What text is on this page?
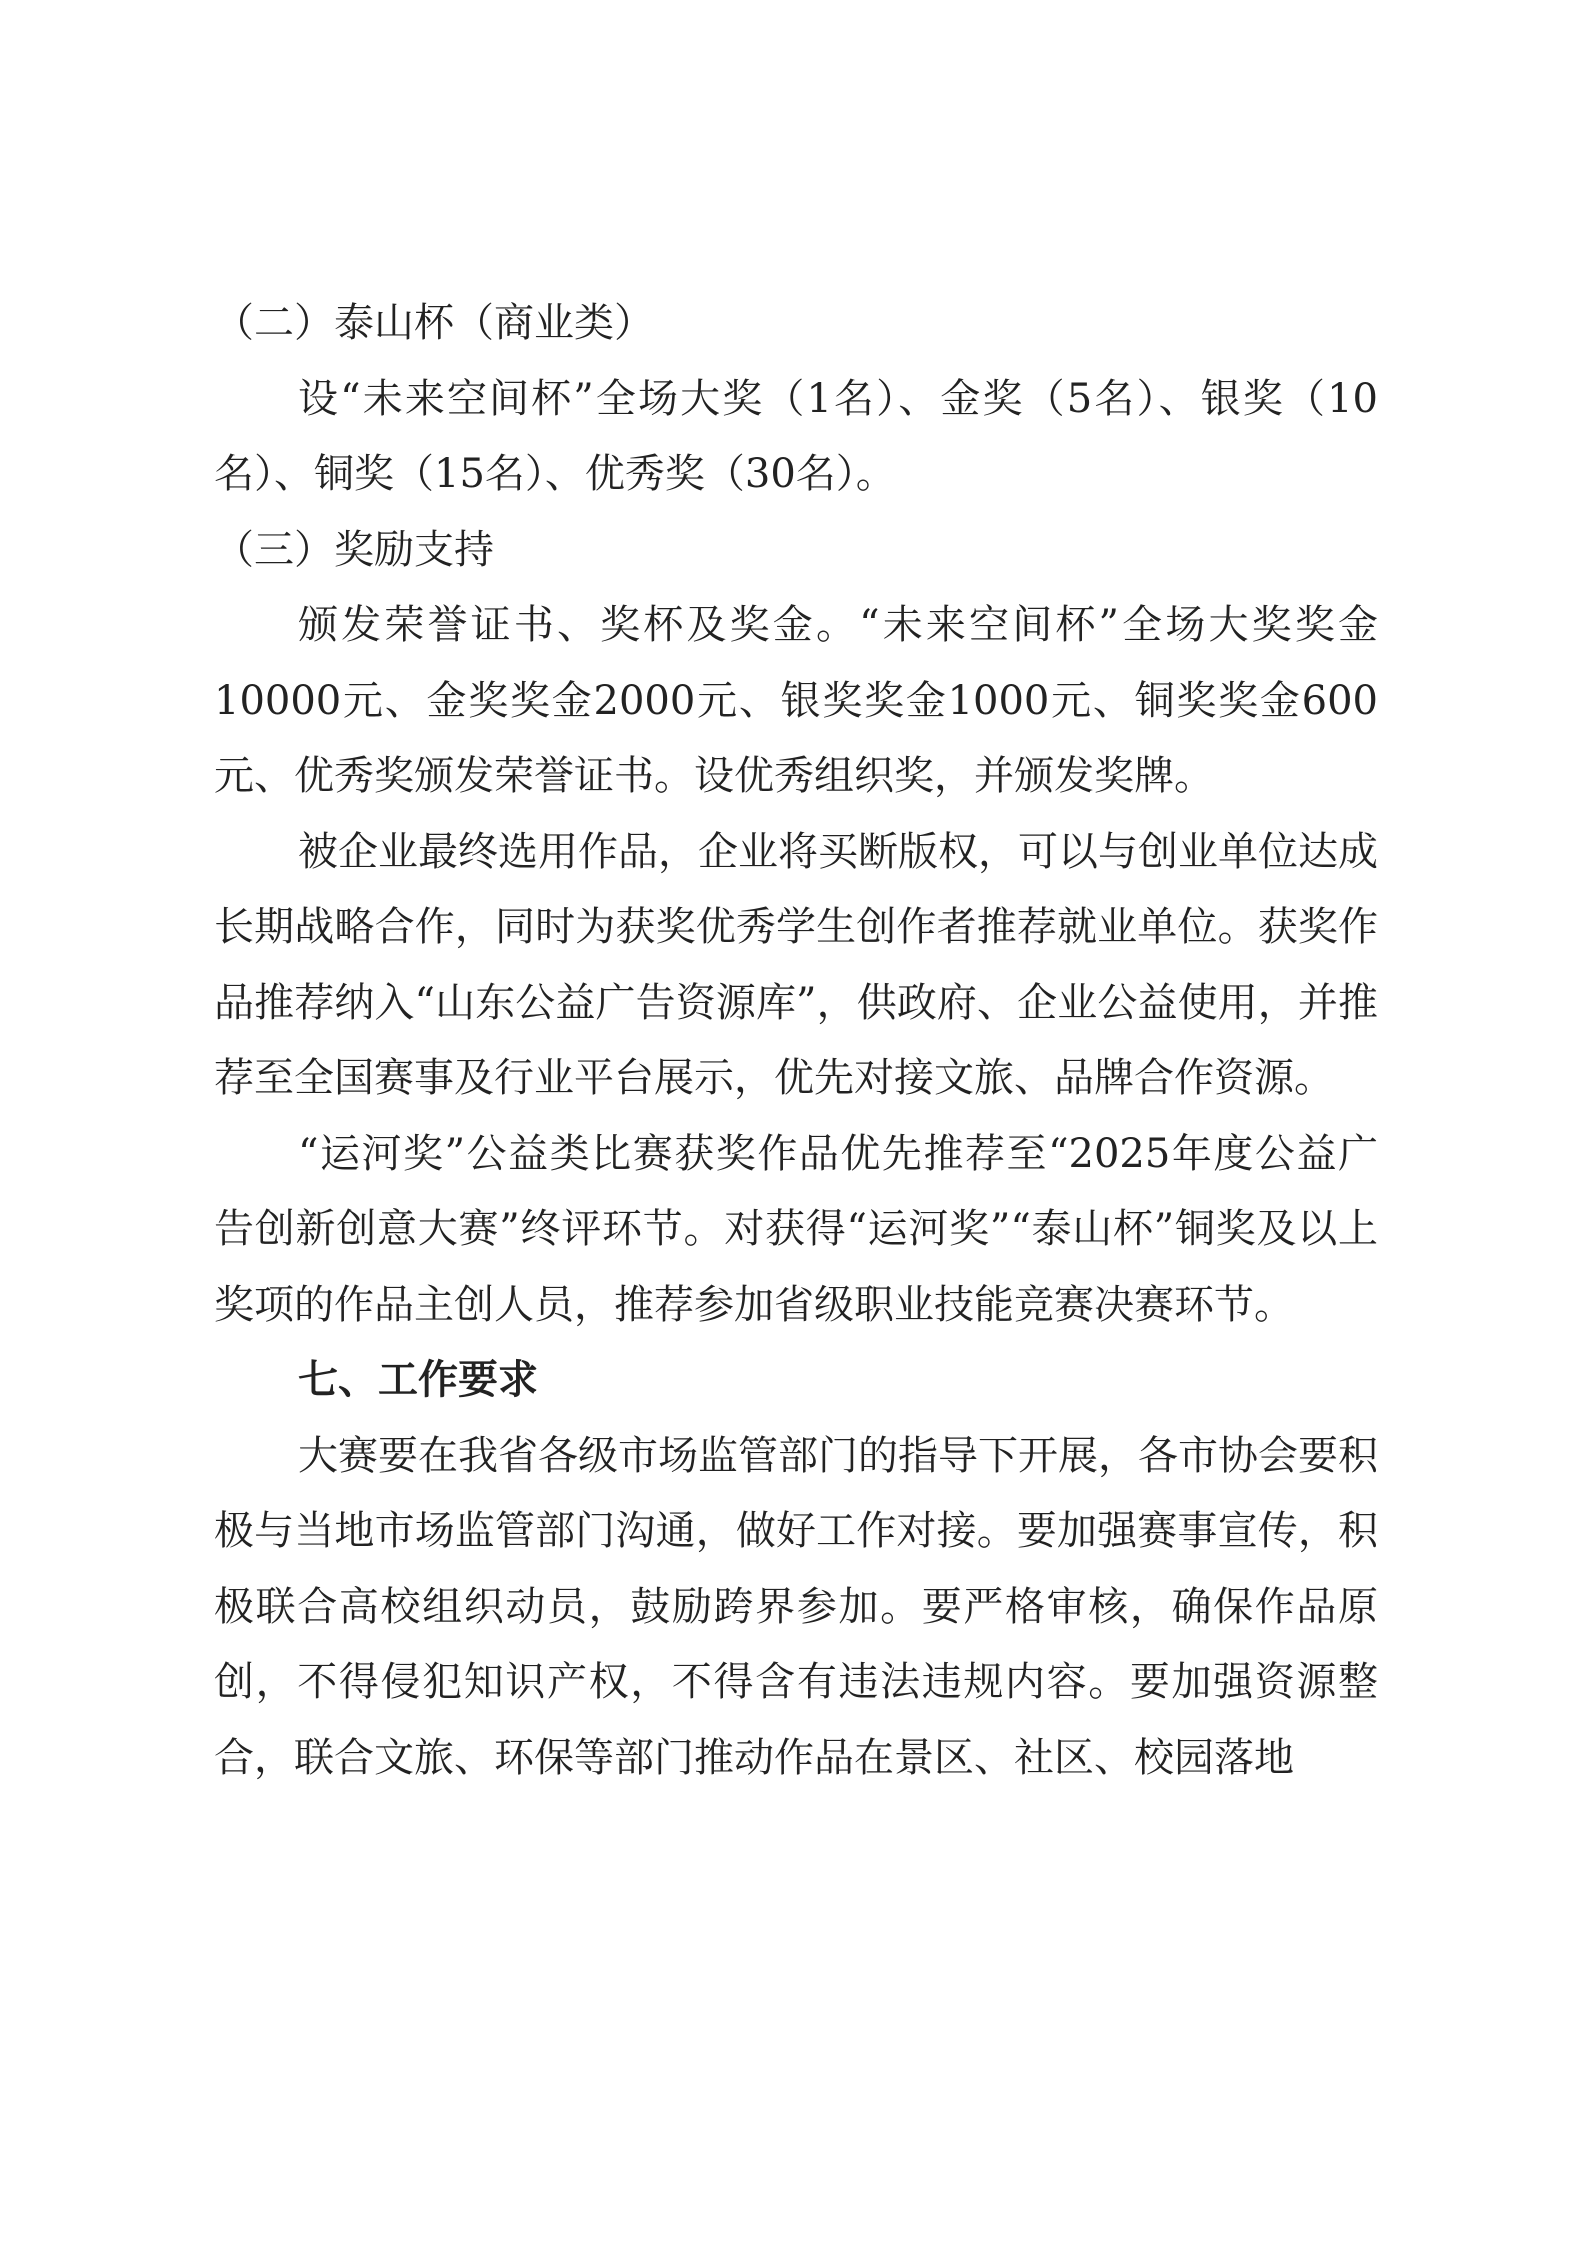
（二）泰山杯（商业类）

设“未来空间杯”全场大奖（1名）、金奖（5名）、银奖（10名）、铜奖（15名）、优秀奖（30名）。

（三）奖励支持

颁发荣誉证书、奖杯及奖金。“未来空间杯”全场大奖奖金10000元、金奖奖金2000元、银奖奖金1000元、铜奖奖金600元、优秀奖颁发荣誉证书。设优秀组织奖，并颁发奖牌。

被企业最终选用作品，企业将买断版权，可以与创业单位达成长期战略合作，同时为获奖优秀学生创作者推荐就业单位。获奖作品推荐纳入“山东公益广告资源库”，供政府、企业公益使用，并推荐至全国赛事及行业平台展示，优先对接文旅、品牌合作资源。

“运河奖”公益类比赛获奖作品优先推荐至“2025年度公益广告创新创意大赛”终评环节。对获得“运河奖”“泰山杯”铜奖及以上奖项的作品主创人员，推荐参加省级职业技能竞赛决赛环节。

七、工作要求

大赛要在我省各级市场监管部门的指导下开展，各市协会要积极与当地市场监管部门沟通，做好工作对接。要加强赛事宣传，积极联合高校组织动员，鼓励跨界参加。要严格审核，确保作品原创，不得侵犯知识产权，不得含有违法违规内容。要加强资源整合，联合文旅、环保等部门推动作品在景区、社区、校园落地
